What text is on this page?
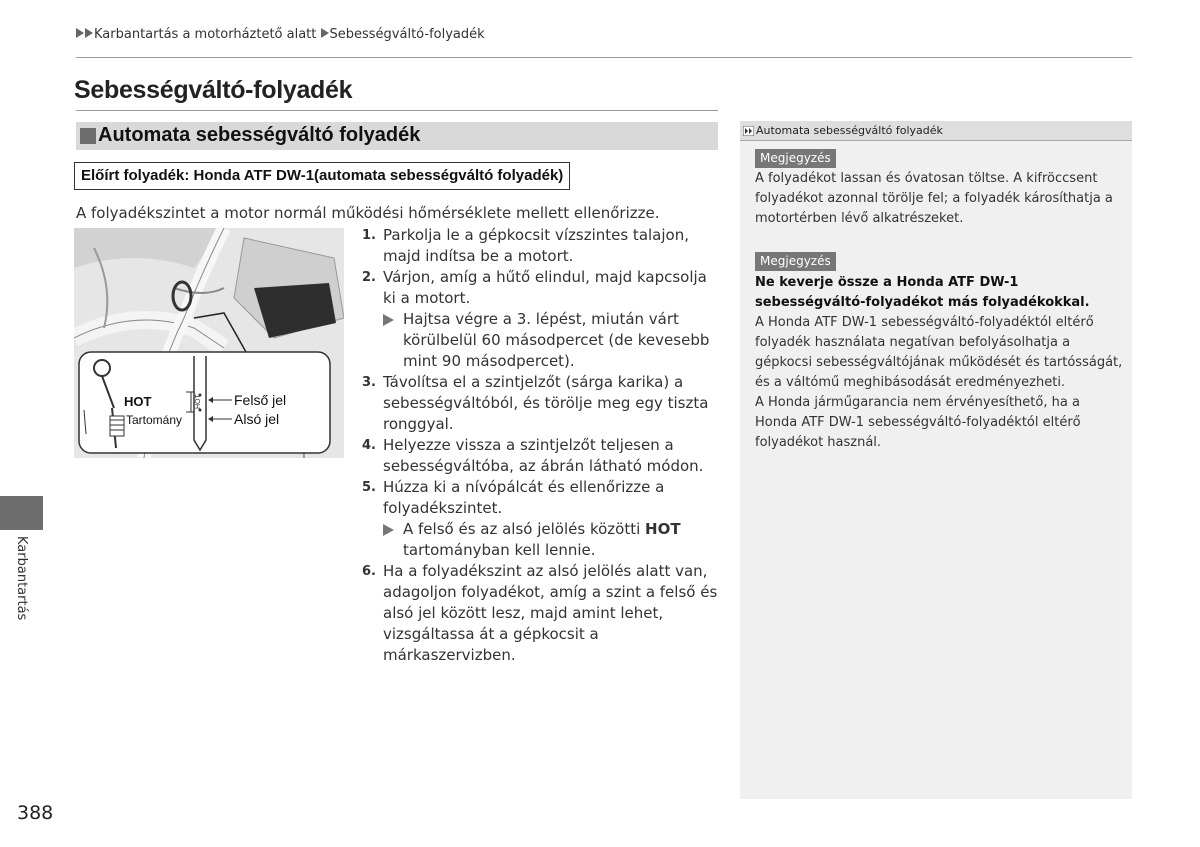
Karbantartás a motorháztető alatt Sebességváltó-folyadék
Sebességváltó-folyadék
Automata sebességváltó folyadék
Előírt folyadék: Honda ATF DW-1(automata sebességváltó folyadék)
A folyadékszintet a motor normál működési hőmérséklete mellett ellenőrizze.
HOT
HOT
Tartomány
Felső jel
Alsó jel
1. Parkolja le a gépkocsit vízszintes talajon, majd indítsa be a motort.
2. Várjon, amíg a hűtő elindul, majd kapcsolja ki a motort.
Hajtsa végre a 3. lépést, miután várt körülbelül 60 másodpercet (de kevesebb mint 90 másodpercet).
3. Távolítsa el a szintjelzőt (sárga karika) a sebességváltóból, és törölje meg egy tiszta ronggyal.
4. Helyezze vissza a szintjelzőt teljesen a sebességváltóba, az ábrán látható módon.
5. Húzza ki a nívópálcát és ellenőrizze a folyadékszintet.
A felső és az alsó jelölés közötti HOT tartományban kell lennie.
6. Ha a folyadékszint az alsó jelölés alatt van, adagoljon folyadékot, amíg a szint a felső és alsó jel között lesz, majd amint lehet, vizsgáltassa át a gépkocsit a márkaszervizben.
Karbantartás
388
Automata sebességváltó folyadék
Megjegyzés
A folyadékot lassan és óvatosan töltse. A kifröccsent folyadékot azonnal törölje fel; a folyadék károsíthatja a motortérben lévő alkatrészeket.
Megjegyzés
Ne keverje össze a Honda ATF DW-1 sebességváltó-folyadékot más folyadékokkal.
A Honda ATF DW-1 sebességváltó-folyadéktól eltérő folyadék használata negatívan befolyásolhatja a gépkocsi sebességváltójának működését és tartósságát, és a váltómű meghibásodását eredményezheti.
A Honda járműgarancia nem érvényesíthető, ha a Honda ATF DW-1 sebességváltó-folyadéktól eltérő folyadékot használ.
